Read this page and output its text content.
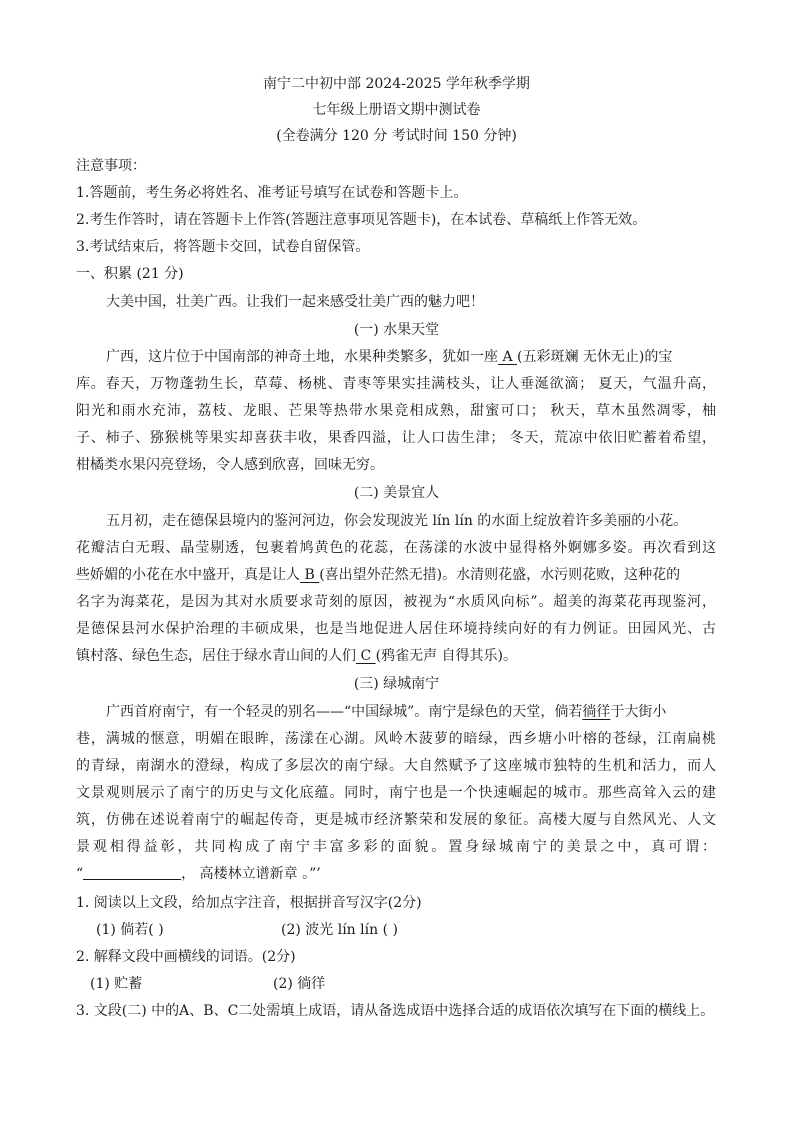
南宁二中初中部 2024-2025 学年秋季学期
七年级上册语文期中测试卷
(全卷满分 120 分 考试时间 150 分钟)
注意事项：
1.答题前，考生务必将姓名、准考证号填写在试卷和答题卡上。
2.考生作答时，请在答题卡上作答(答题注意事项见答题卡)，在本试卷、草稿纸上作答无效。
3.考试结束后，将答题卡交回，试卷自留保管。
一、积累 (21 分)
大美中国，壮美广西。让我们一起来感受壮美广西的魅力吧！
(一) 水果天堂
广西，这片位于中国南部的神奇土地，水果种类繁多，犹如一座 A (五彩斑斓 无休无止)的宝
库。春天，万物蓬勃生长，草莓、杨桃、青枣等果实挂满枝头，让人垂涎欲滴； 夏天，气温升高，
阳光和雨水充沛，荔枝、龙眼、芒果等热带水果竞相成熟，甜蜜可口； 秋天，草木虽然凋零，柚
子、柿子、猕猴桃等果实却喜获丰收，果香四溢，让人口齿生津； 冬天，荒凉中依旧贮蓄着希望，
柑橘类水果闪亮登场，令人感到欣喜，回味无穷。
(二) 美景宜人
五月初，走在德保县境内的鉴河河边，你会发现波光 lín lín 的水面上绽放着许多美丽的小花。
花瓣洁白无瑕、晶莹剔透，包裹着鸠黄色的花蕊，在荡漾的水波中显得格外婀娜多姿。再次看到这
些娇媚的小花在水中盛开，真是让人 B (喜出望外茫然无措)。水清则花盛，水污则花败，这种花的
名字为海菜花，是因为其对水质要求苛刻的原因，被视为“水质风向标”。超美的海菜花再现鉴河，
是德保县河水保护治理的丰硕成果，也是当地促进人居住环境持续向好的有力例证。田园风光、古
镇村落、绿色生态，居住于绿水青山间的人们 C (鸦雀无声 自得其乐)。
(三) 绿城南宁
广西首府南宁，有一个轻灵的别名——“中国绿城”。南宁是绿色的天堂，倘若徜徉于大街小
巷，满城的惬意，明媚在眼眸，荡漾在心湖。风岭木菠萝的暗绿，西乡塘小叶榕的苍绿，江南扁桃
的青绿，南湖水的澄绿，构成了多层次的南宁绿。大自然赋予了这座城市独特的生机和活力，而人
文景观则展示了南宁的历史与文化底蕴。同时，南宁也是一个快速崛起的城市。那些高耸入云的建
筑，仿佛在述说着南宁的崛起传奇，更是城市经济繁荣和发展的象征。高楼大厦与自然风光、人文
景观相得益彰，共同构成了南宁丰富多彩的面貌。置身绿城南宁的美景之中，真可谓：
“	， 高楼林立谱新章 。”’
1. 阅读以上文段，给加点字注音，根据拼音写汉字(2分)
(1) 倘若( )	(2) 波光 lín lín ( )
2. 解释文段中画横线的词语。(2分)
(1) 贮蓄	(2) 徜徉
3. 文段(二) 中的A、B、C二处需填上成语，请从备选成语中选择合适的成语依次填写在下面的横线上。
